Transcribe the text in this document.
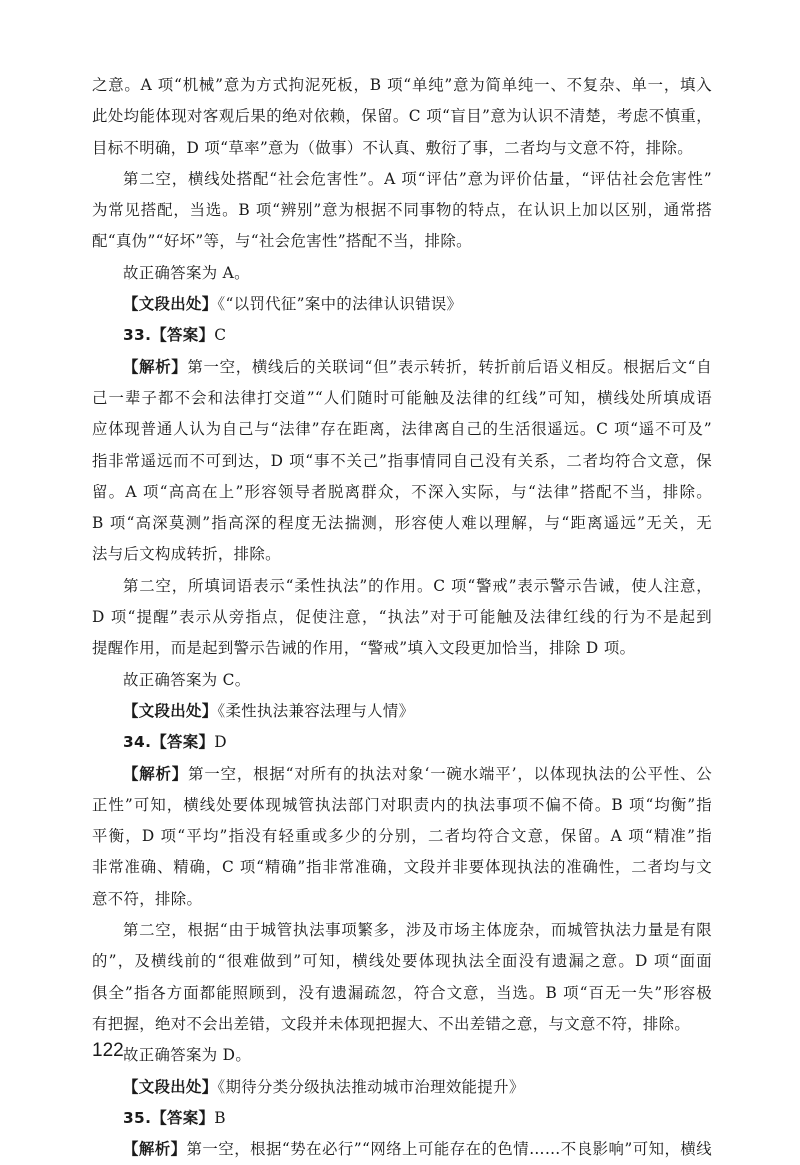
之意。A 项“机械”意为方式拘泥死板，B 项“单纯”意为简单纯一、不复杂、单一，填入
此处均能体现对客观后果的绝对依赖，保留。C 项“盲目”意为认识不清楚，考虑不慎重，
目标不明确，D 项“草率”意为（做事）不认真、敷衍了事，二者均与文意不符，排除。
第二空，横线处搭配“社会危害性”。A 项“评估”意为评价估量，“评估社会危害性”
为常见搭配，当选。B 项“辨别”意为根据不同事物的特点，在认识上加以区别，通常搭
配“真伪”“好坏”等，与“社会危害性”搭配不当，排除。
故正确答案为 A。
【文段出处】《“以罚代征”案中的法律认识错误》
33.【答案】C
【解析】第一空，横线后的关联词“但”表示转折，转折前后语义相反。根据后文“自
己一辈子都不会和法律打交道”“人们随时可能触及法律的红线”可知，横线处所填成语
应体现普通人认为自己与“法律”存在距离，法律离自己的生活很遥远。C 项“遥不可及”
指非常遥远而不可到达，D 项“事不关己”指事情同自己没有关系，二者均符合文意，保
留。A 项“高高在上”形容领导者脱离群众，不深入实际，与“法律”搭配不当，排除。
B 项“高深莫测”指高深的程度无法揣测，形容使人难以理解，与“距离遥远”无关，无
法与后文构成转折，排除。
第二空，所填词语表示“柔性执法”的作用。C 项“警戒”表示警示告诫，使人注意，
D 项“提醒”表示从旁指点，促使注意，“执法”对于可能触及法律红线的行为不是起到
提醒作用，而是起到警示告诫的作用，“警戒”填入文段更加恰当，排除 D 项。
故正确答案为 C。
【文段出处】《柔性执法兼容法理与人情》
34.【答案】D
【解析】第一空，根据“对所有的执法对象‘一碗水端平’，以体现执法的公平性、公
正性”可知，横线处要体现城管执法部门对职责内的执法事项不偏不倚。B 项“均衡”指
平衡，D 项“平均”指没有轻重或多少的分别，二者均符合文意，保留。A 项“精准”指
非常准确、精确，C 项“精确”指非常准确，文段并非要体现执法的准确性，二者均与文
意不符，排除。
第二空，根据“由于城管执法事项繁多，涉及市场主体庞杂，而城管执法力量是有限
的”，及横线前的“很难做到”可知，横线处要体现执法全面没有遗漏之意。D 项“面面
俱全”指各方面都能照顾到，没有遗漏疏忽，符合文意，当选。B 项“百无一失”形容极
有把握，绝对不会出差错，文段并未体现把握大、不出差错之意，与文意不符，排除。
故正确答案为 D。
【文段出处】《期待分类分级执法推动城市治理效能提升》
35.【答案】B
【解析】第一空，根据“势在必行”“网络上可能存在的色情……不良影响”可知，横线
122
